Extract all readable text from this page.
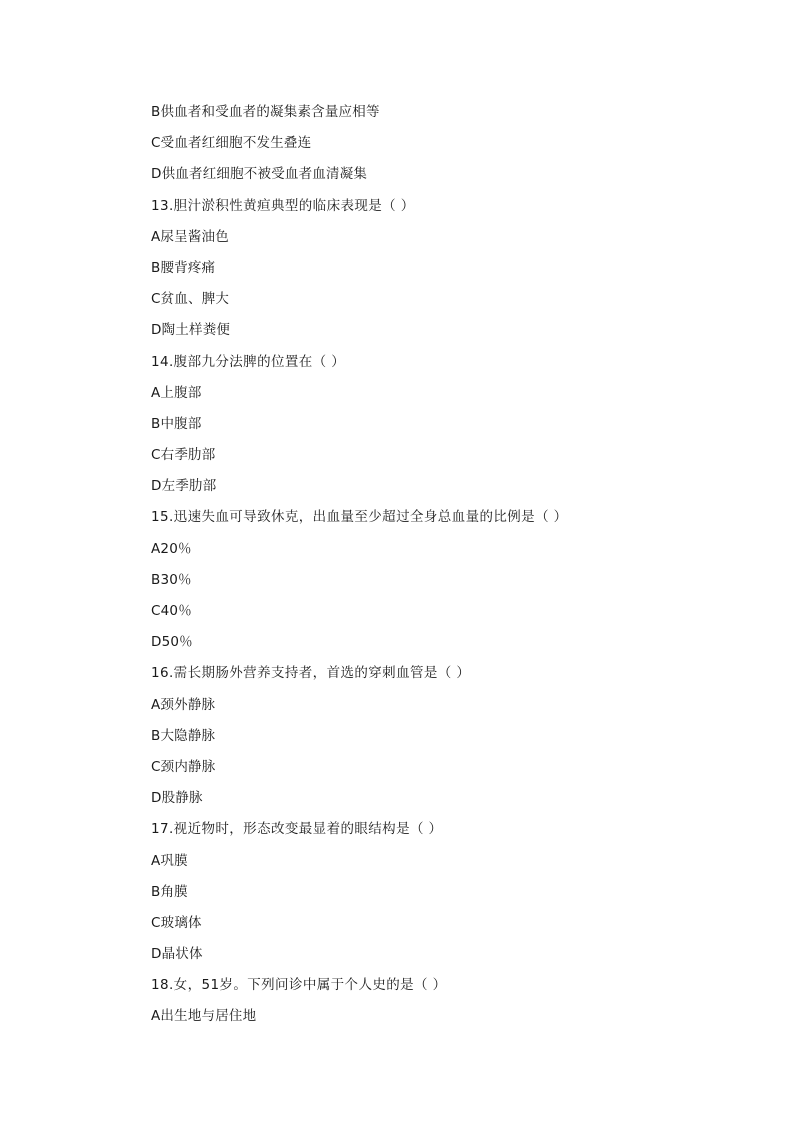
B供血者和受血者的凝集素含量应相等
C受血者红细胞不发生叠连
D供血者红细胞不被受血者血清凝集
13.胆汁淤积性黄疸典型的临床表现是（ ）
A尿呈酱油色
B腰背疼痛
C贫血、脾大
D陶土样粪便
14.腹部九分法脾的位置在（ ）
A上腹部
B中腹部
C右季肋部
D左季肋部
15.迅速失血可导致休克，出血量至少超过全身总血量的比例是（ ）
A20％
B30％
C40％
D50％
16.需长期肠外营养支持者，首选的穿刺血管是（ ）
A颈外静脉
B大隐静脉
C颈内静脉
D股静脉
17.视近物时，形态改变最显着的眼结构是（ ）
A巩膜
B角膜
C玻璃体
D晶状体
18.女，51岁。下列问诊中属于个人史的是（ ）
A出生地与居住地
